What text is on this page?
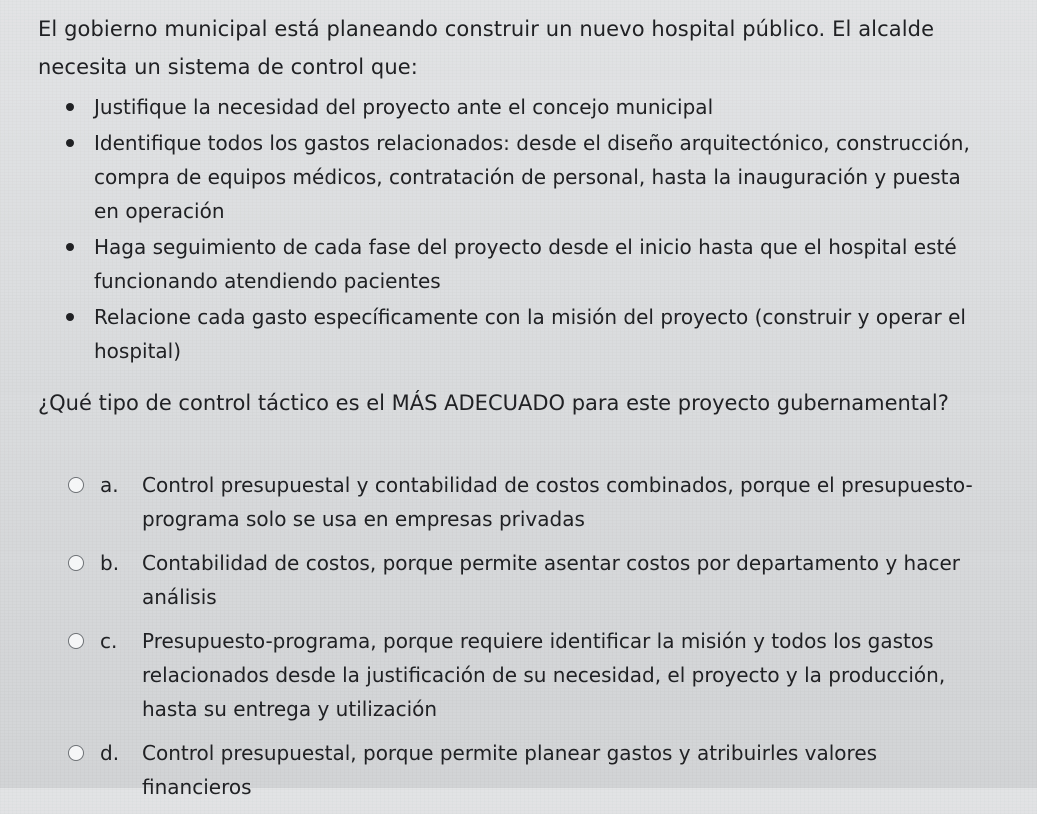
El gobierno municipal está planeando construir un nuevo hospital público. El alcalde necesita un sistema de control que:
Justifique la necesidad del proyecto ante el concejo municipal
Identifique todos los gastos relacionados: desde el diseño arquitectónico, construcción, compra de equipos médicos, contratación de personal, hasta la inauguración y puesta en operación
Haga seguimiento de cada fase del proyecto desde el inicio hasta que el hospital esté funcionando atendiendo pacientes
Relacione cada gasto específicamente con la misión del proyecto (construir y operar el hospital)
¿Qué tipo de control táctico es el MÁS ADECUADO para este proyecto gubernamental?
a.	Control presupuestal y contabilidad de costos combinados, porque el presupuesto-programa solo se usa en empresas privadas
b.	Contabilidad de costos, porque permite asentar costos por departamento y hacer análisis
c.	Presupuesto-programa, porque requiere identificar la misión y todos los gastos relacionados desde la justificación de su necesidad, el proyecto y la producción, hasta su entrega y utilización
d.	Control presupuestal, porque permite planear gastos y atribuirles valores financieros
